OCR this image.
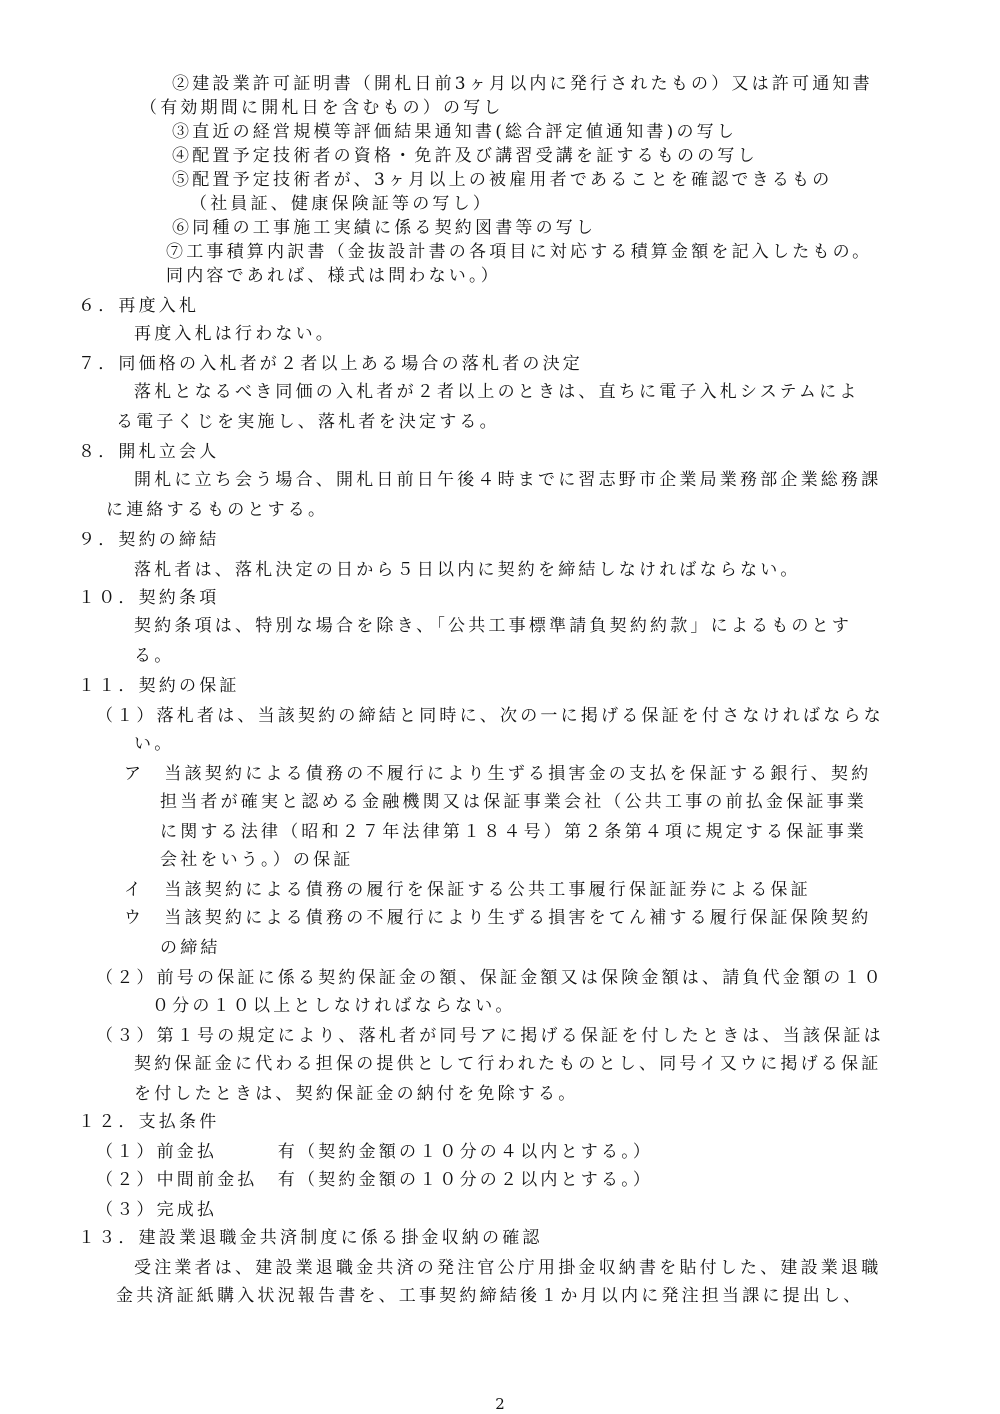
②建設業許可証明書（開札日前3ヶ月以内に発行されたもの）又は許可通知書
（有効期間に開札日を含むもの）の写し
③直近の経営規模等評価結果通知書(総合評定値通知書)の写し
④配置予定技術者の資格・免許及び講習受講を証するものの写し
⑤配置予定技術者が、3ヶ月以上の被雇用者であることを確認できるもの
（社員証、健康保険証等の写し）
⑥同種の工事施工実績に係る契約図書等の写し
⑦工事積算内訳書（金抜設計書の各項目に対応する積算金額を記入したもの。
同内容であれば、様式は問わない。）
６．再度入札
再度入札は行わない。
７．同価格の入札者が２者以上ある場合の落札者の決定
落札となるべき同価の入札者が２者以上のときは、直ちに電子入札システムによ
る電子くじを実施し、落札者を決定する。
８．開札立会人
開札に立ち会う場合、開札日前日午後４時までに習志野市企業局業務部企業総務課
に連絡するものとする。
９．契約の締結
落札者は、落札決定の日から５日以内に契約を締結しなければならない。
１０．契約条項
契約条項は、特別な場合を除き、「公共工事標準請負契約約款」によるものとす
る。
１１．契約の保証
（１）落札者は、当該契約の締結と同時に、次の一に掲げる保証を付さなければならな
い。
ア　当該契約による債務の不履行により生ずる損害金の支払を保証する銀行、契約
担当者が確実と認める金融機関又は保証事業会社（公共工事の前払金保証事業
に関する法律（昭和２７年法律第１８４号）第２条第４項に規定する保証事業
会社をいう。）の保証
イ　当該契約による債務の履行を保証する公共工事履行保証証券による保証
ウ　当該契約による債務の不履行により生ずる損害をてん補する履行保証保険契約
の締結
（２）前号の保証に係る契約保証金の額、保証金額又は保険金額は、請負代金額の１０
０分の１０以上としなければならない。
（３）第１号の規定により、落札者が同号アに掲げる保証を付したときは、当該保証は
契約保証金に代わる担保の提供として行われたものとし、同号イ又ウに掲げる保証
を付したときは、契約保証金の納付を免除する。
１２．支払条件
（１）前金払　　　有（契約金額の１０分の４以内とする。）
（２）中間前金払　有（契約金額の１０分の２以内とする。）
（３）完成払
１３．建設業退職金共済制度に係る掛金収納の確認
受注業者は、建設業退職金共済の発注官公庁用掛金収納書を貼付した、建設業退職
金共済証紙購入状況報告書を、工事契約締結後１か月以内に発注担当課に提出し、
2
